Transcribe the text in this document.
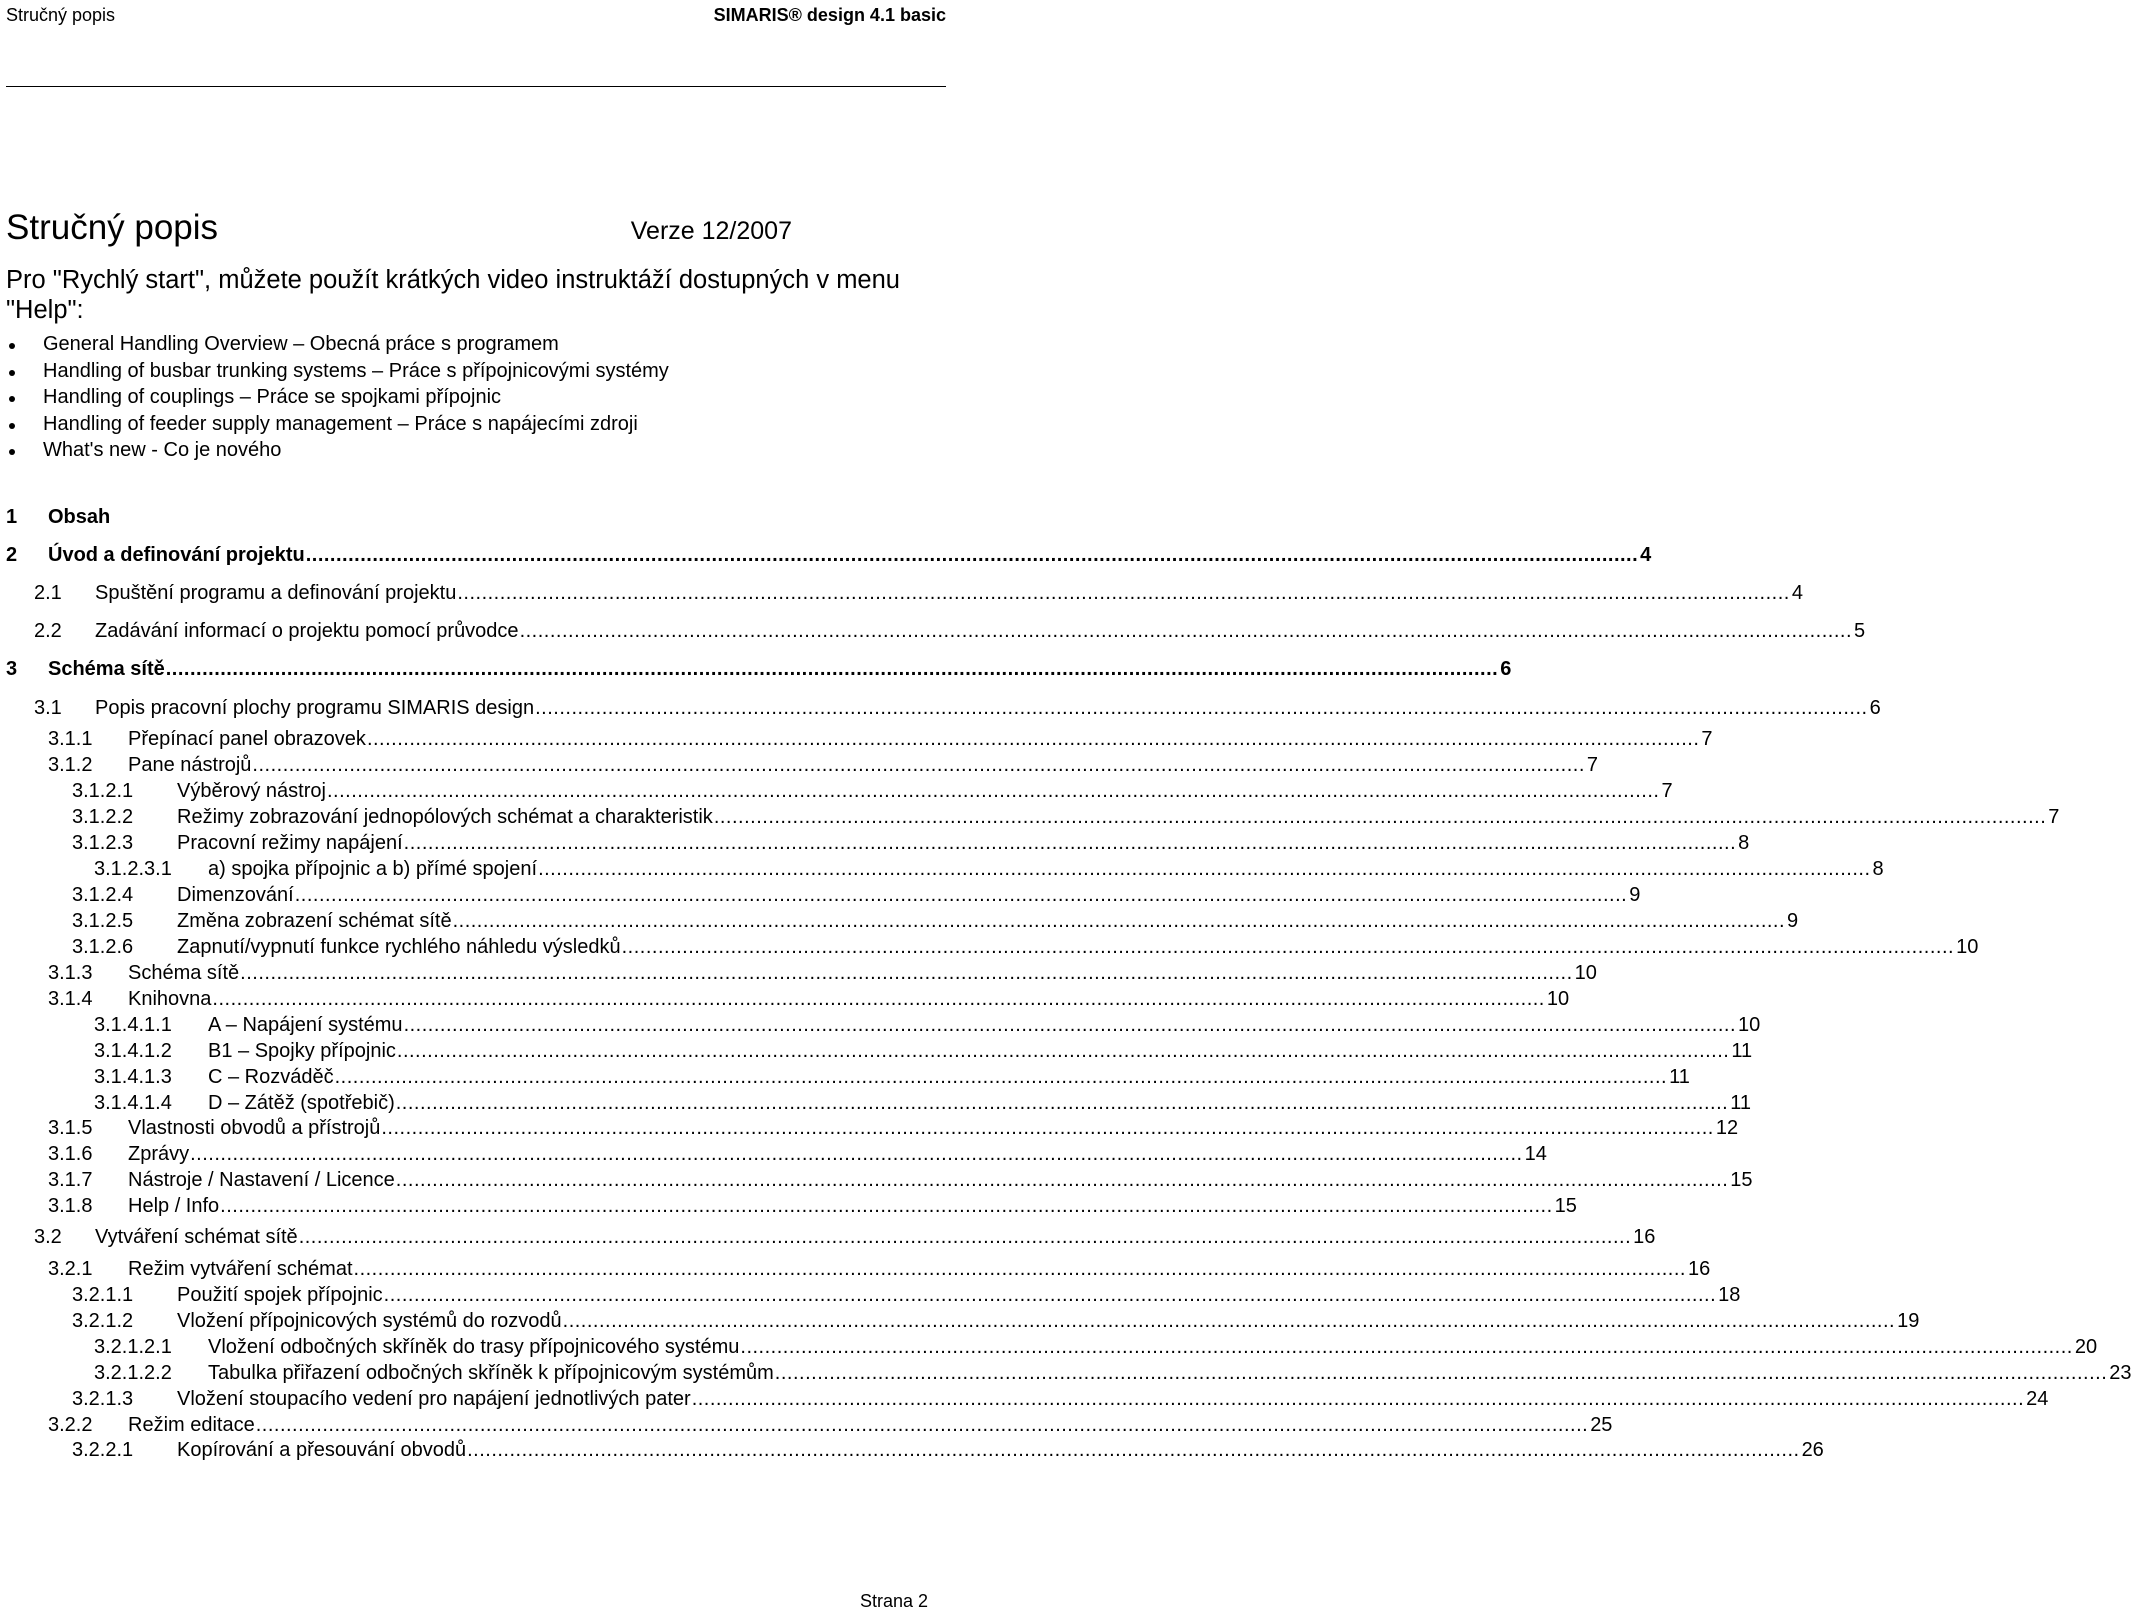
Stručný popis	SIMARIS® design 4.1 basic
Stručný popis	Verze 12/2007
Pro "Rychlý start", můžete použít krátkých video instruktáží dostupných v menu "Help":
General Handling Overview – Obecná práce s programem
Handling of busbar trunking systems – Práce s přípojnicovými systémy
Handling of couplings – Práce se spojkami přípojnic
Handling of feeder supply management – Práce s napájecími zdroji
What's new - Co je nového
1 Obsah
2 Úvod a definování projektu ............................................................................................................................................................................................................................ 4
2.1 Spuštění programu a definování projektu ............................................................................................................................................................................................................................ 4
2.2 Zadávání informací o projektu pomocí průvodce ............................................................................................................................................................................................................................ 5
3 Schéma sítě ............................................................................................................................................................................................................................ 6
3.1 Popis pracovní plochy programu SIMARIS design ............................................................................................................................................................................................................................ 6
3.1.1 Přepínací panel obrazovek ............................................................................................................................................................................................................................ 7
3.1.2 Pane nástrojů ............................................................................................................................................................................................................................ 7
3.1.2.1 Výběrový nástroj ............................................................................................................................................................................................................................ 7
3.1.2.2 Režimy zobrazování jednopólových schémat a charakteristik ............................................................................................................................................................................................................................ 7
3.1.2.3 Pracovní režimy napájení ............................................................................................................................................................................................................................ 8
3.1.2.3.1 a) spojka přípojnic a b) přímé spojení ............................................................................................................................................................................................................................ 8
3.1.2.4 Dimenzování ............................................................................................................................................................................................................................ 9
3.1.2.5 Změna zobrazení schémat sítě ............................................................................................................................................................................................................................ 9
3.1.2.6 Zapnutí/vypnutí funkce rychlého náhledu výsledků ............................................................................................................................................................................................................................ 10
3.1.3 Schéma sítě ............................................................................................................................................................................................................................ 10
3.1.4 Knihovna ............................................................................................................................................................................................................................ 10
3.1.4.1.1 A – Napájení systému ............................................................................................................................................................................................................................ 10
3.1.4.1.2 B1 – Spojky přípojnic ............................................................................................................................................................................................................................ 11
3.1.4.1.3 C – Rozváděč ............................................................................................................................................................................................................................ 11
3.1.4.1.4 D – Zátěž (spotřebič) ............................................................................................................................................................................................................................ 11
3.1.5 Vlastnosti obvodů a přístrojů ............................................................................................................................................................................................................................ 12
3.1.6 Zprávy ............................................................................................................................................................................................................................ 14
3.1.7 Nástroje / Nastavení / Licence ............................................................................................................................................................................................................................ 15
3.1.8 Help / Info ............................................................................................................................................................................................................................ 15
3.2 Vytváření schémat sítě ............................................................................................................................................................................................................................ 16
3.2.1 Režim vytváření schémat ............................................................................................................................................................................................................................ 16
3.2.1.1 Použití spojek přípojnic ............................................................................................................................................................................................................................ 18
3.2.1.2 Vložení přípojnicových systémů do rozvodů ............................................................................................................................................................................................................................ 19
3.2.1.2.1 Vložení odbočných skříněk do trasy přípojnicového systému ............................................................................................................................................................................................................................ 20
3.2.1.2.2 Tabulka přiřazení odbočných skříněk k přípojnicovým systémům ............................................................................................................................................................................................................................ 23
3.2.1.3 Vložení stoupacího vedení pro napájení jednotlivých pater ............................................................................................................................................................................................................................ 24
3.2.2 Režim editace ............................................................................................................................................................................................................................ 25
3.2.2.1 Kopírování a přesouvání obvodů ............................................................................................................................................................................................................................ 26
Strana 2
